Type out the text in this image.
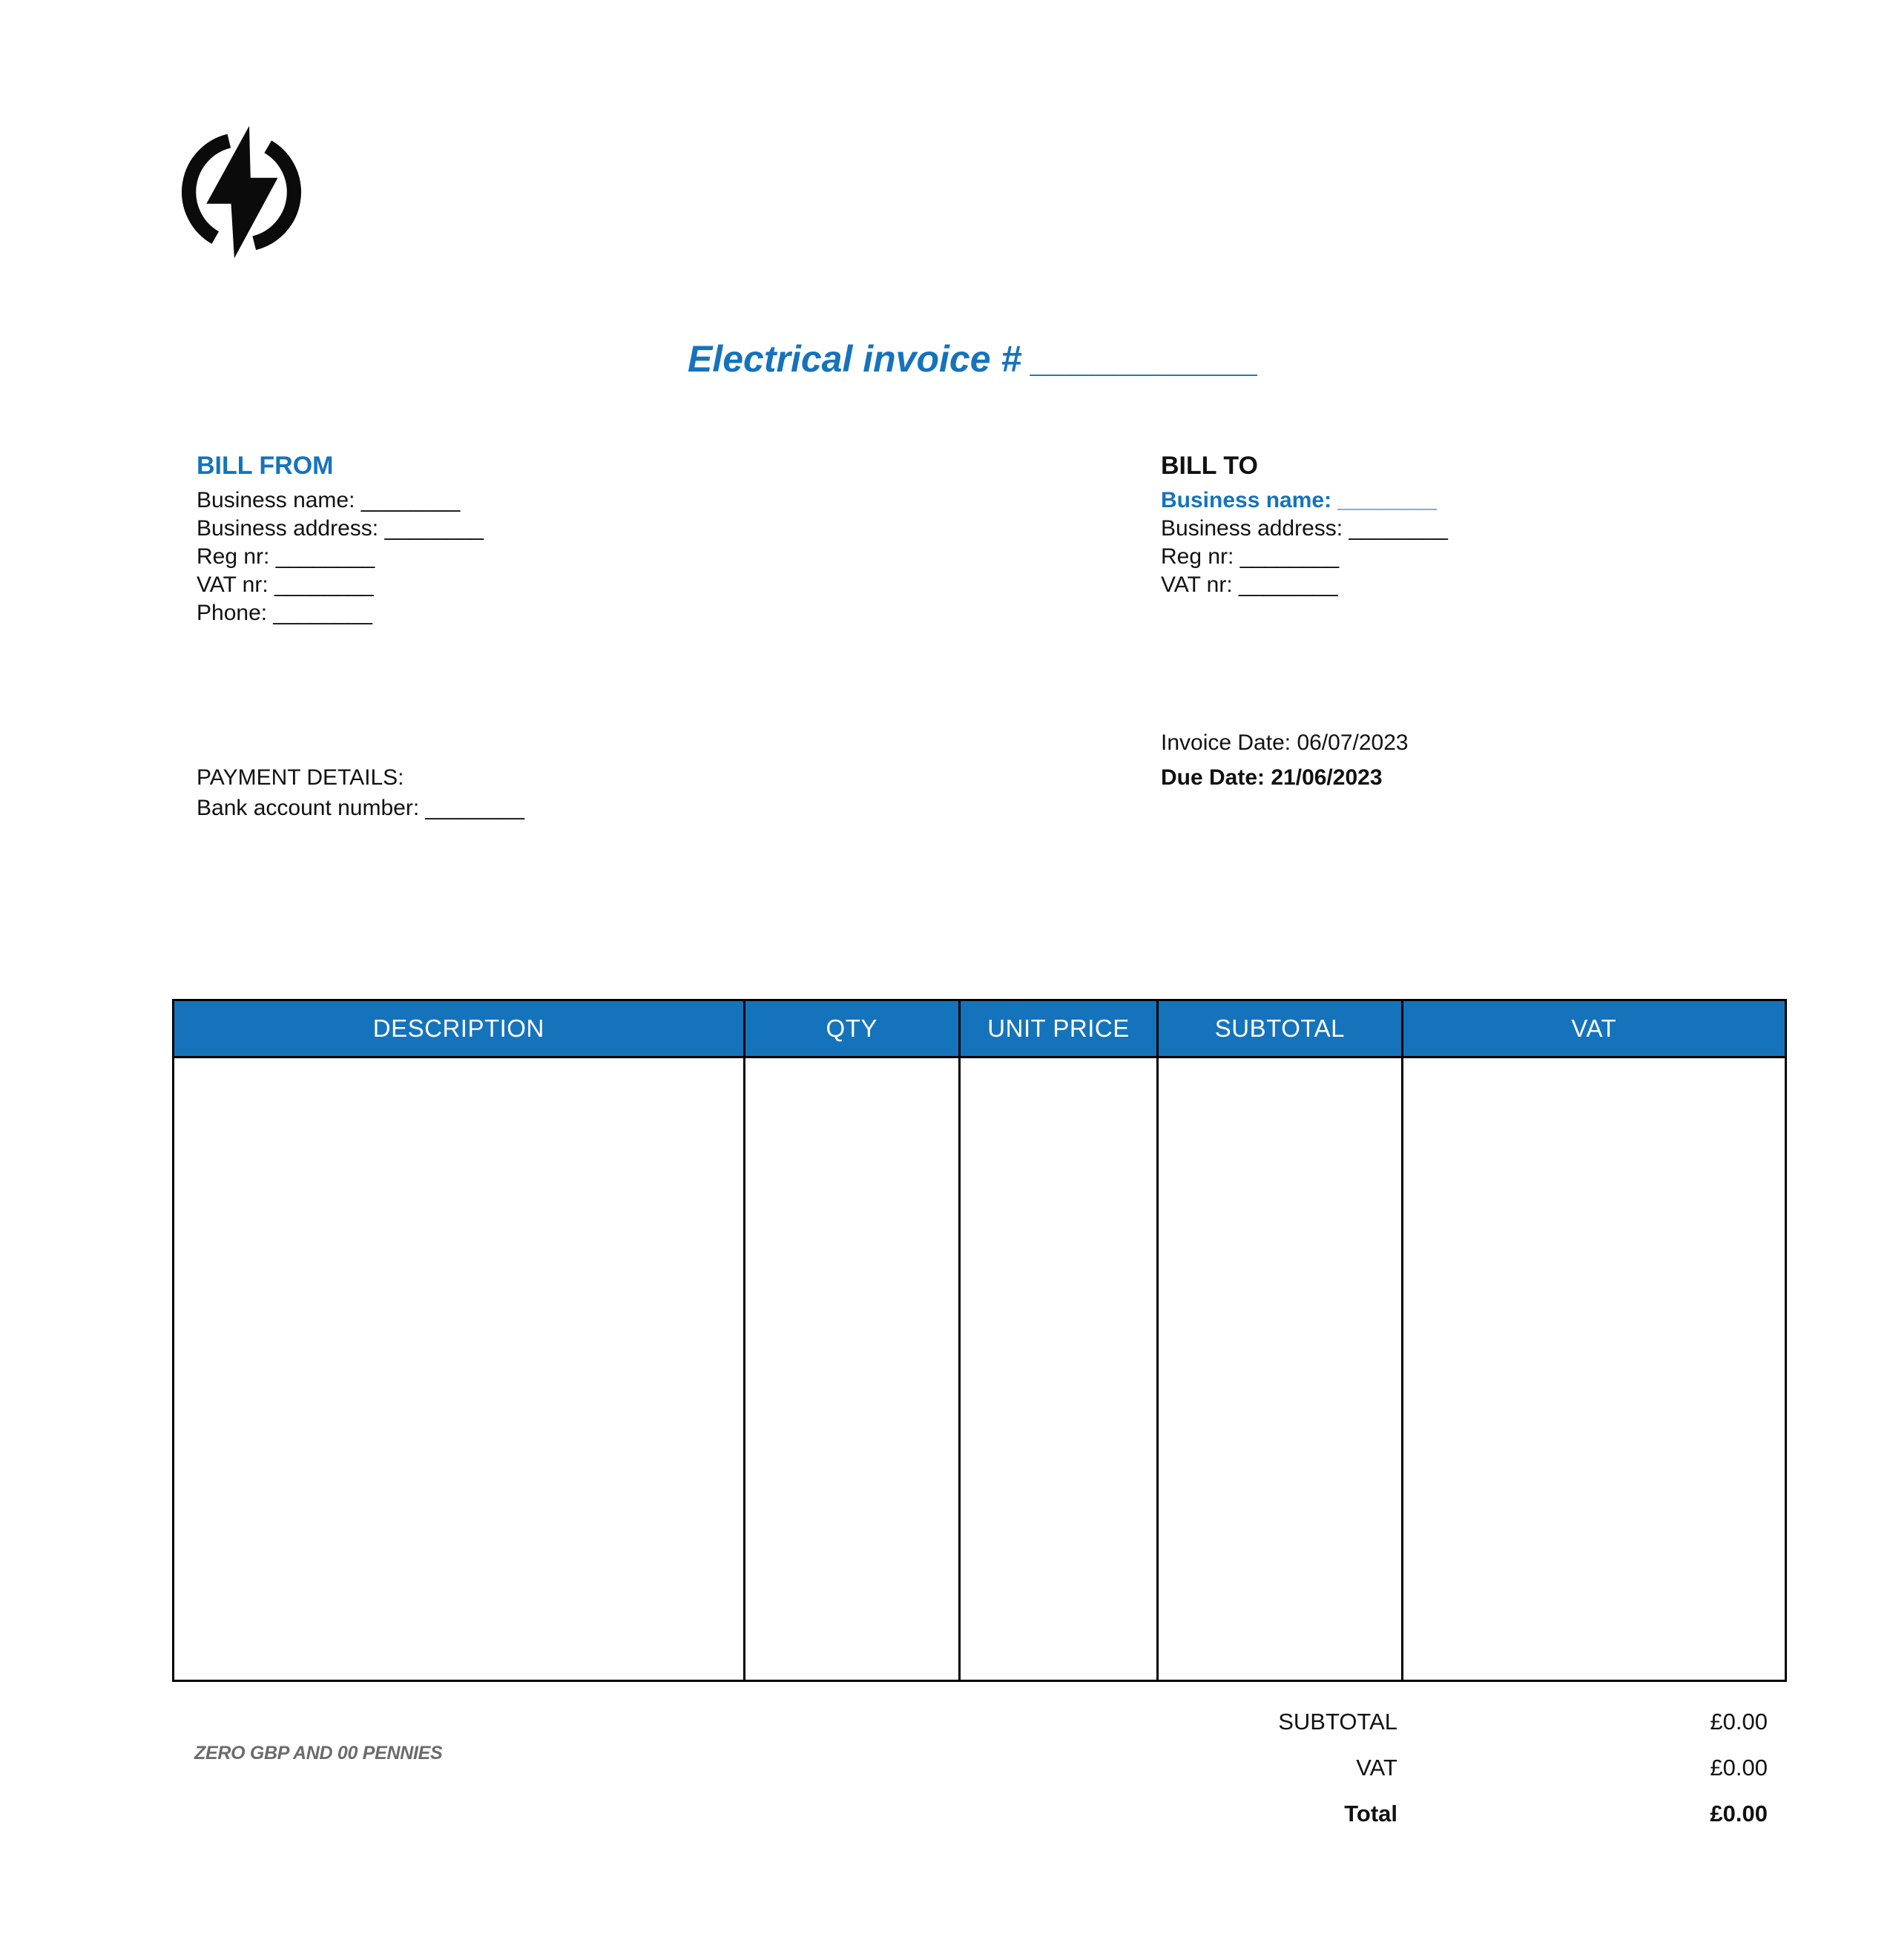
Electrical invoice # ___________
BILL FROM
Business name: ________
Business address: ________
Reg nr: ________
VAT nr: ________
Phone: ________
BILL TO
Business name: ________
Business address: ________
Reg nr: ________
VAT nr: ________
Invoice Date: 06/07/2023
Due Date: 21/06/2023
PAYMENT DETAILS:
Bank account number: ________
DESCRIPTION	QTY	UNIT PRICE	SUBTOTAL	VAT

SUBTOTAL	£0.00
VAT	£0.00
Total	£0.00
ZERO GBP AND 00 PENNIES
